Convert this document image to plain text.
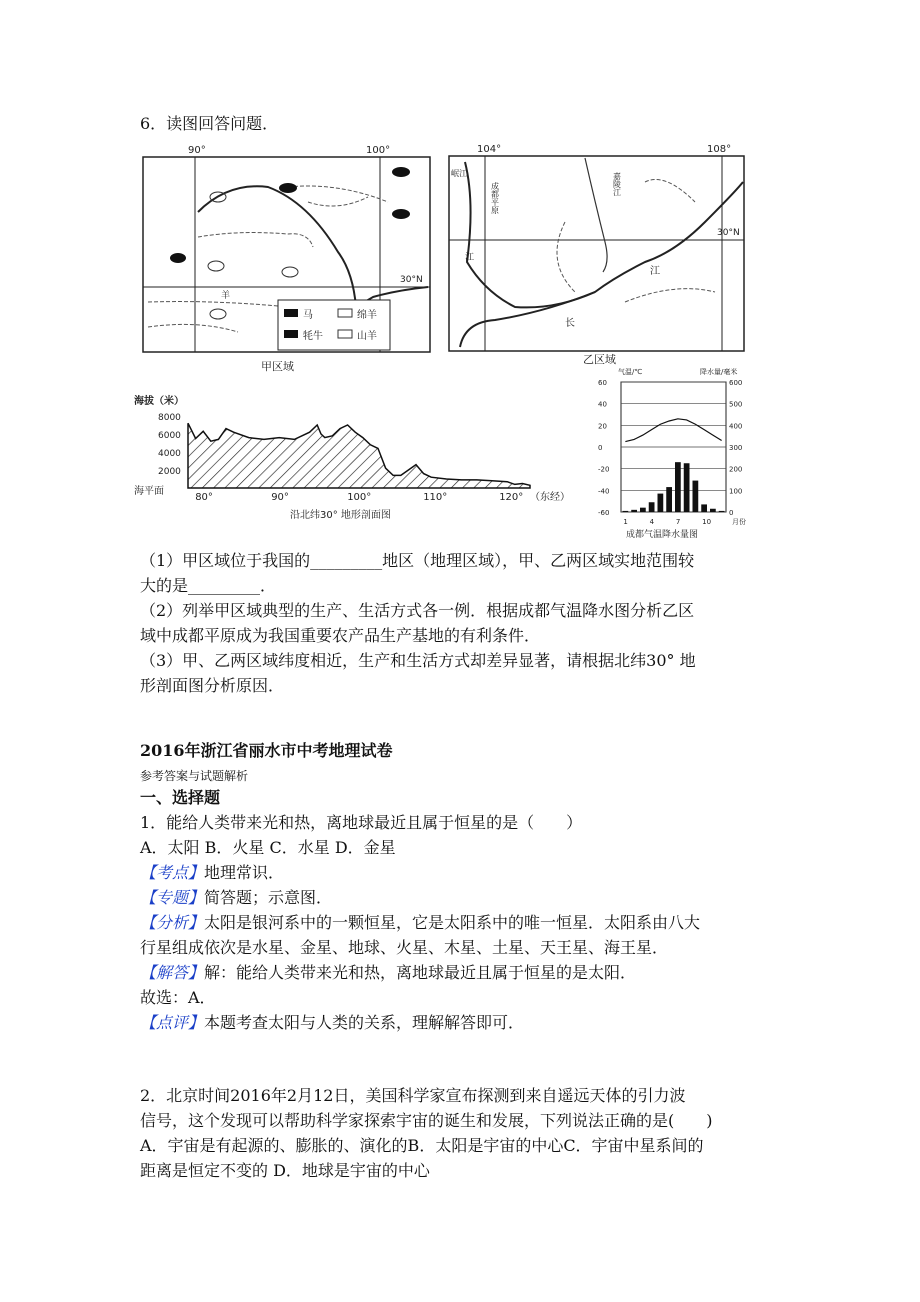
6．读图回答问题．
90°	100°
30°N
羊
马
牦牛
绵羊
山羊
甲区域
104°	108°
30°N
岷江
成都平原	嘉陵江
江
长
江
乙区域
海拔（米）
8000
6000
4000
2000
海平面
80°	90°	100°	110°	120° （东经）
沿北纬30° 地形剖面图
气温/℃	降水量/毫米
60	600
40	500
20	400
0	300
-20	200
-40	100
-60	0
1	4	7	10	月份
成都气温降水量图
（1）甲区域位于我国的_________地区（地理区域），甲、乙两区域实地范围较
大的是_________．
（2）列举甲区域典型的生产、生活方式各一例．根据成都气温降水图分析乙区
域中成都平原成为我国重要农产品生产基地的有利条件．
（3）甲、乙两区域纬度相近，生产和生活方式却差异显著，请根据北纬30° 地
形剖面图分析原因．
2016年浙江省丽水市中考地理试卷
参考答案与试题解析
一、选择题
1．能给人类带来光和热，离地球最近且属于恒星的是（　　）
A．太阳 B．火星 C．水星 D．金星
【考点】地理常识．
【专题】简答题；示意图．
【分析】太阳是银河系中的一颗恒星，它是太阳系中的唯一恒星．太阳系由八大
行星组成依次是水星、金星、地球、火星、木星、土星、天王星、海王星．
【解答】解：能给人类带来光和热，离地球最近且属于恒星的是太阳．
故选：A．
【点评】本题考查太阳与人类的关系，理解解答即可．
2．北京时间2016年2月12日，美国科学家宣布探测到来自遥远天体的引力波
信号，这个发现可以帮助科学家探索宇宙的诞生和发展，下列说法正确的是(　　)
A．宇宙是有起源的、膨胀的、演化的B．太阳是宇宙的中心C．宇宙中星系间的
距离是恒定不变的 D．地球是宇宙的中心
